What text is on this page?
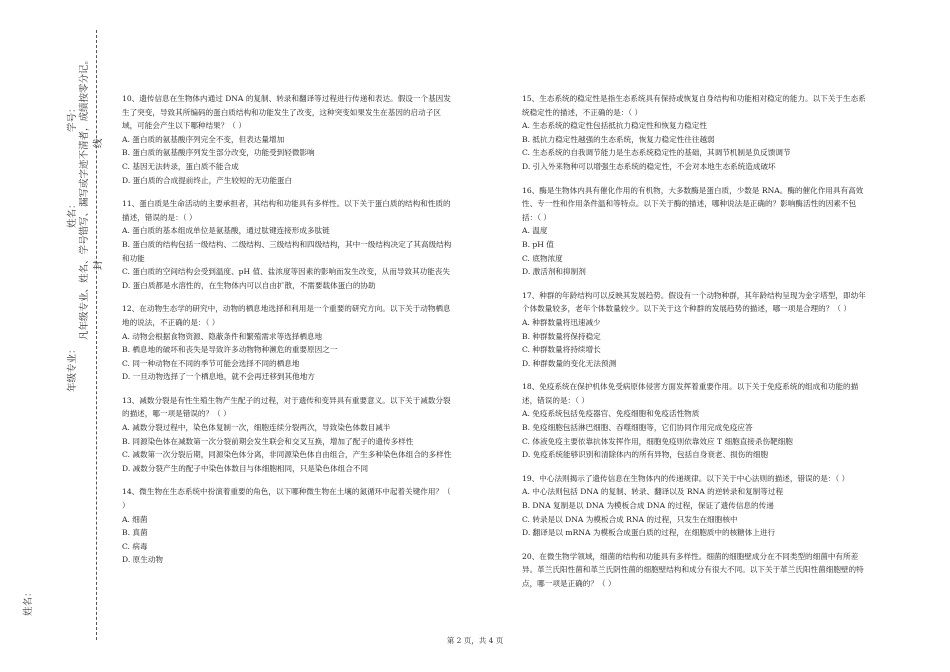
学号：
姓名： 凡年级专业、姓名、学号错写、漏写或字迹不清者，成绩按零分记。 封
线
年级专业：
姓名：

10、遗传信息在生物体内通过 DNA 的复制、转录和翻译等过程进行传递和表达。假设一个基因发生了突变，导致其所编码的蛋白质结构和功能发生了改变，这种突变如果发生在基因的启动子区域，可能会产生以下哪种结果？（ ）

A. 蛋白质的氨基酸序列完全不变，但表达量增加

B. 蛋白质的氨基酸序列发生部分改变，功能受到轻微影响

C. 基因无法转录，蛋白质不能合成

D. 蛋白质的合成提前终止，产生较短的无功能蛋白

11、蛋白质是生命活动的主要承担者，其结构和功能具有多样性。以下关于蛋白质的结构和性质的描述，错误的是：（ ）

A. 蛋白质的基本组成单位是氨基酸，通过肽键连接形成多肽链

B. 蛋白质的结构包括一级结构、二级结构、三级结构和四级结构，其中一级结构决定了其高级结构和功能

C. 蛋白质的空间结构会受到温度、pH 值、盐浓度等因素的影响而发生改变，从而导致其功能丧失

D. 蛋白质都是水溶性的，在生物体内可以自由扩散，不需要载体蛋白的协助

12、在动物生态学的研究中，动物的栖息地选择和利用是一个重要的研究方向。以下关于动物栖息地的说法，不正确的是：（ ）

A. 动物会根据食物资源、隐蔽条件和繁殖需求等选择栖息地

B. 栖息地的破坏和丧失是导致许多动物物种濒危的重要原因之一

C. 同一种动物在不同的季节可能会选择不同的栖息地

D. 一旦动物选择了一个栖息地，就不会再迁移到其他地方

13、减数分裂是有性生殖生物产生配子的过程，对于遗传和变异具有重要意义。以下关于减数分裂的描述，哪一项是错误的？（ ）

A. 减数分裂过程中，染色体复制一次，细胞连续分裂两次，导致染色体数目减半

B. 同源染色体在减数第一次分裂前期会发生联会和交叉互换，增加了配子的遗传多样性

C. 减数第一次分裂后期，同源染色体分离，非同源染色体自由组合，产生多种染色体组合的多样性

D. 减数分裂产生的配子中染色体数目与体细胞相同，只是染色体组合不同

14、微生物在生态系统中扮演着重要的角色，以下哪种微生物在土壤的氮循环中起着关键作用？（ ）

A. 细菌

B. 真菌

C. 病毒

D. 原生动物

15、生态系统的稳定性是指生态系统具有保持或恢复自身结构和功能相对稳定的能力。以下关于生态系统稳定性的描述，不正确的是：（ ）

A. 生态系统的稳定性包括抵抗力稳定性和恢复力稳定性

B. 抵抗力稳定性越强的生态系统，恢复力稳定性往往越弱

C. 生态系统的自我调节能力是生态系统稳定性的基础，其调节机制是负反馈调节

D. 引入外来物种可以增强生态系统的稳定性，不会对本地生态系统造成破坏

16、酶是生物体内具有催化作用的有机物，大多数酶是蛋白质，少数是 RNA。酶的催化作用具有高效性、专一性和作用条件温和等特点。以下关于酶的描述，哪种说法是正确的？影响酶活性的因素不包括：（ ）

A. 温度

B. pH 值

C. 底物浓度

D. 激活剂和抑制剂

17、种群的年龄结构可以反映其发展趋势。假设有一个动物种群，其年龄结构呈现为金字塔型，即幼年个体数量较多，老年个体数量较少。以下关于这个种群的发展趋势的描述，哪一项是合理的？（ ）

A. 种群数量将迅速减少

B. 种群数量将保持稳定

C. 种群数量将持续增长

D. 种群数量的变化无法预测

18、免疫系统在保护机体免受病原体侵害方面发挥着重要作用。以下关于免疫系统的组成和功能的描述，错误的是：（ ）

A. 免疫系统包括免疫器官、免疫细胞和免疫活性物质

B. 免疫细胞包括淋巴细胞、吞噬细胞等，它们协同作用完成免疫应答

C. 体液免疫主要依靠抗体发挥作用，细胞免疫则依靠效应 T 细胞直接杀伤靶细胞

D. 免疫系统能够识别和清除体内的所有异物，包括自身衰老、损伤的细胞

19、中心法则揭示了遗传信息在生物体内的传递规律。以下关于中心法则的描述，错误的是：（ ）

A. 中心法则包括 DNA 的复制、转录、翻译以及 RNA 的逆转录和复制等过程

B. DNA 复制是以 DNA 为模板合成 DNA 的过程，保证了遗传信息的传递

C. 转录是以 DNA 为模板合成 RNA 的过程，只发生在细胞核中

D. 翻译是以 mRNA 为模板合成蛋白质的过程，在细胞质中的核糖体上进行

20、在微生物学领域，细菌的结构和功能具有多样性。细菌的细胞壁成分在不同类型的细菌中有所差异。革兰氏阳性菌和革兰氏阴性菌的细胞壁结构和成分有很大不同。以下关于革兰氏阳性菌细胞壁的特点，哪一项是正确的？（ ）

第 2 页，共 4 页
